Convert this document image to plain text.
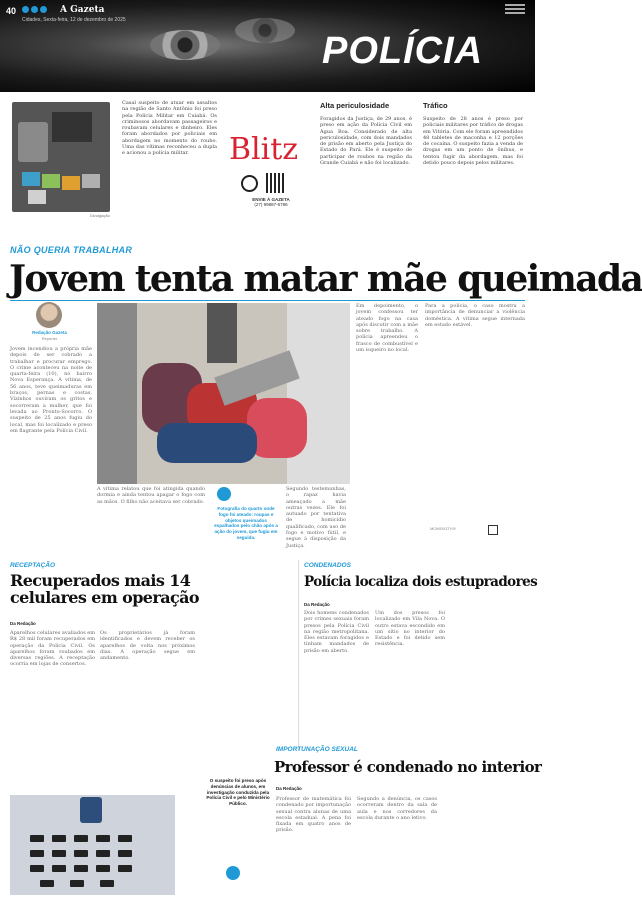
40	A Gazeta
Cidades, Sexta-feira, 12 de dezembro de 2025
POLÍCIA
Divulgação
Casal suspeito de atuar em assaltos na região de Santo Antônio foi preso pela Polícia Militar em Cuiabá. Os criminosos abordavam passageiros e roubavam celulares e dinheiro. Eles foram abordados por policiais em abordagem no momento do roubo. Uma das vítimas reconheceu a dupla e acionou a polícia militar.	Blitz
ENVIE À GAZETA
(27) 99887-6786
Alta periculosidade
Foragidos da Justiça, de 29 anos, é preso em ação da Polícia Civil em Água Boa. Considerado de alta periculosidade, com dois mandados de prisão em aberto pela Justiça do Estado do Pará. Ele é suspeito de participar de roubos na região da Grande Cuiabá e não foi localizado.
Tráfico
Suspeito de 28 anos é preso por policiais militares por tráfico de drogas em Vitória. Com ele foram apreendidos 48 tabletes de maconha e 12 porções de cocaína. O suspeito fazia a venda de drogas em um ponto de ônibus, e tentou fugir da abordagem, mas foi detido pouco depois pelos militares.
NÃO QUERIA TRABALHAR
Jovem tenta matar mãe queimada
Redação Gazeta
Repórter
Jovem incendiou a própria mãe depois de ser cobrado a trabalhar e procurar emprego. O crime aconteceu na noite de quarta-feira (10), no bairro Nova Esperança. A vítima, de 56 anos, teve queimaduras em braços, pernas e costas. Vizinhos ouviram os gritos e socorreram a mulher, que foi levada ao Pronto-Socorro. O suspeito de 25 anos fugiu do local, mas foi localizado e preso em flagrante pela Polícia Civil.
A vítima relatou que foi atingida quando dormia e ainda tentou apagar o fogo com as mãos. O filho não aceitava ser cobrado.
Fotografia do quarto onde fogo foi ateado: roupas e objetos queimados espalhados pelo chão após a ação do jovem, que fugiu em seguida.
Segundo testemunhas, o rapaz havia ameaçado a mãe outras vezes. Ele foi autuado por tentativa de homicídio qualificado, com uso de fogo e motivo fútil, e segue à disposição da Justiça.
Em depoimento, o jovem confessou ter ateado fogo na casa após discutir com a mãe sobre trabalho. A polícia apreendeu o frasco de combustível e um isqueiro no local.
Para a polícia, o caso mostra a importância de denunciar a violência doméstica. A vítima segue internada em estado estável.
ΜΟΜΘΧΣΓΛΦ
RECEPTAÇÃO
Recuperados mais 14 celulares em operação
Da Redação
Aparelhos celulares avaliados em R$ 28 mil foram recuperados em operação da Polícia Civil. Os aparelhos foram roubados em diversas regiões. A receptação ocorria em lojas de consertos.
Os proprietários já foram identificados e devem receber os aparelhos de volta nos próximos dias. A operação segue em andamento.
CONDENADOS
Polícia localiza dois estupradores
Da Redação
Dois homens condenados por crimes sexuais foram presos pela Polícia Civil na região metropolitana. Eles estavam foragidos e tinham mandados de prisão em aberto.
Um dos presos foi localizado em Vila Nova. O outro estava escondido em um sítio no interior do Estado e foi detido sem resistência.
IMPORTUNAÇÃO SEXUAL
Professor é condenado no interior
Da Redação
O suspeito foi preso após denúncias de alunos, em investigação conduzida pela Polícia Civil e pelo Ministério Público.
Professor de matemática foi condenado por importunação sexual contra alunas de uma escola estadual. A pena foi fixada em quatro anos de prisão.
Segundo a denúncia, os casos ocorreram dentro da sala de aula e nos corredores da escola durante o ano letivo.
